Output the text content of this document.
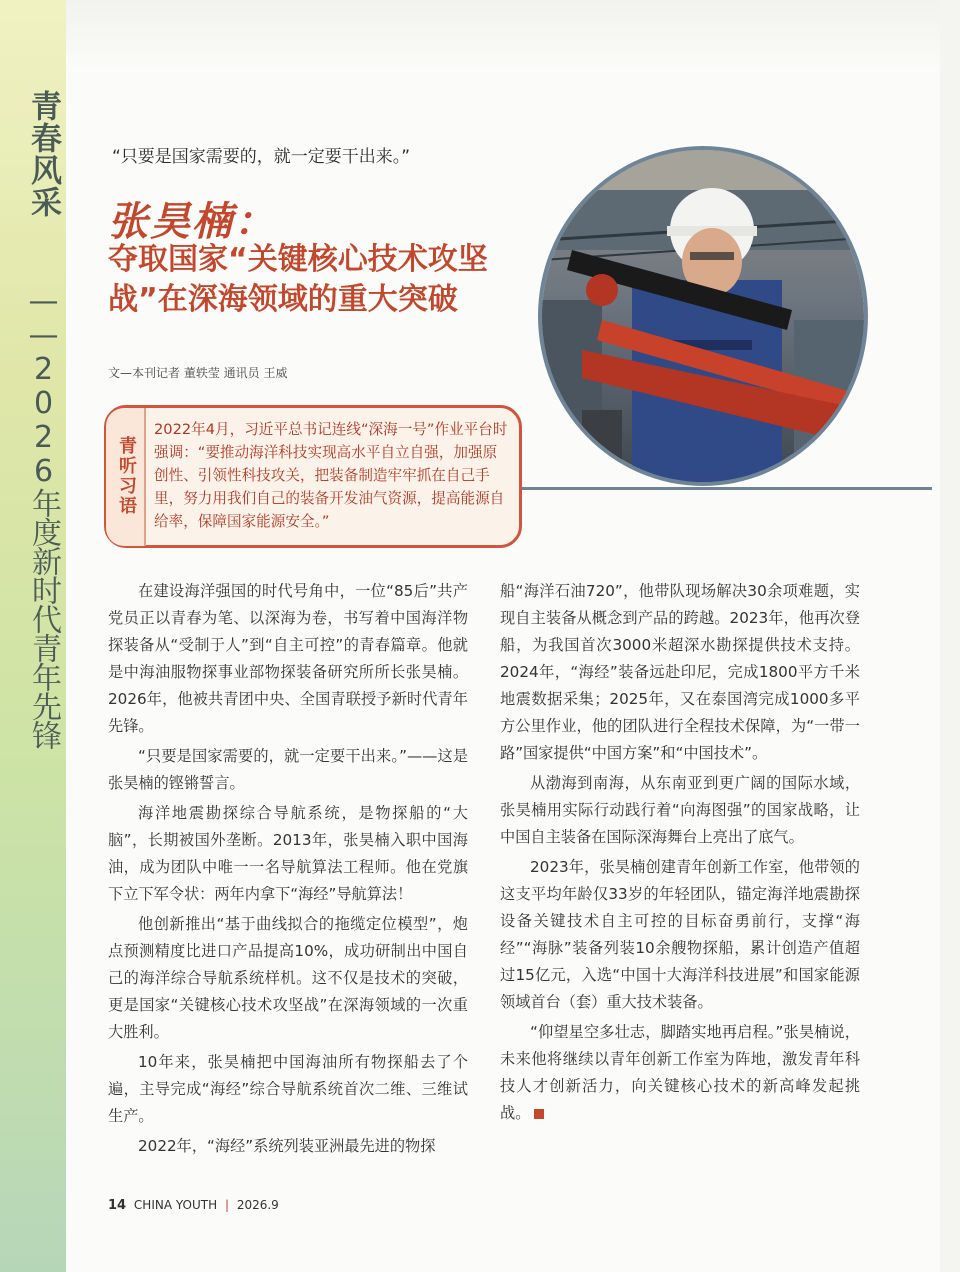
青春风采
——2026年度新时代青年先锋
“只要是国家需要的，就一定要干出来。”
张昊楠：
夺取国家“关键核心技术攻坚战”在深海领域的重大突破
文—本刊记者 董轶莹 通讯员 王威
青听习语
2022年4月，习近平总书记连线“深海一号”作业平台时强调：“要推动海洋科技实现高水平自立自强，加强原创性、引领性科技攻关，把装备制造牢牢抓在自己手里，努力用我们自己的装备开发油气资源，提高能源自给率，保障国家能源安全。”

在建设海洋强国的时代号角中，一位“85后”共产党员正以青春为笔、以深海为卷，书写着中国海洋物探装备从“受制于人”到“自主可控”的青春篇章。他就是中海油服物探事业部物探装备研究所所长张昊楠。2026年，他被共青团中央、全国青联授予新时代青年先锋。

“只要是国家需要的，就一定要干出来。”——这是张昊楠的铿锵誓言。

海洋地震勘探综合导航系统，是物探船的“大脑”，长期被国外垄断。2013年，张昊楠入职中国海油，成为团队中唯一一名导航算法工程师。他在党旗下立下军令状：两年内拿下“海经”导航算法！

他创新推出“基于曲线拟合的拖缆定位模型”，炮点预测精度比进口产品提高10%，成功研制出中国自己的海洋综合导航系统样机。这不仅是技术的突破，更是国家“关键核心技术攻坚战”在深海领域的一次重大胜利。

10年来，张昊楠把中国海油所有物探船去了个遍，主导完成“海经”综合导航系统首次二维、三维试生产。

2022年，“海经”系统列装亚洲最先进的物探

船“海洋石油720”，他带队现场解决30余项难题，实现自主装备从概念到产品的跨越。2023年，他再次登船，为我国首次3000米超深水勘探提供技术支持。2024年，“海经”装备远赴印尼，完成1800平方千米地震数据采集；2025年，又在泰国湾完成1000多平方公里作业，他的团队进行全程技术保障，为“一带一路”国家提供“中国方案”和“中国技术”。

从渤海到南海，从东南亚到更广阔的国际水域，张昊楠用实际行动践行着“向海图强”的国家战略，让中国自主装备在国际深海舞台上亮出了底气。

2023年，张昊楠创建青年创新工作室，他带领的这支平均年龄仅33岁的年轻团队，锚定海洋地震勘探设备关键技术自主可控的目标奋勇前行，支撑“海经”“海脉”装备列装10余艘物探船，累计创造产值超过15亿元，入选“中国十大海洋科技进展”和国家能源领域首台（套）重大技术装备。

“仰望星空多壮志，脚踏实地再启程。”张昊楠说，未来他将继续以青年创新工作室为阵地，激发青年科技人才创新活力，向关键核心技术的新高峰发起挑战。

14 CHINA YOUTH | 2026.9
